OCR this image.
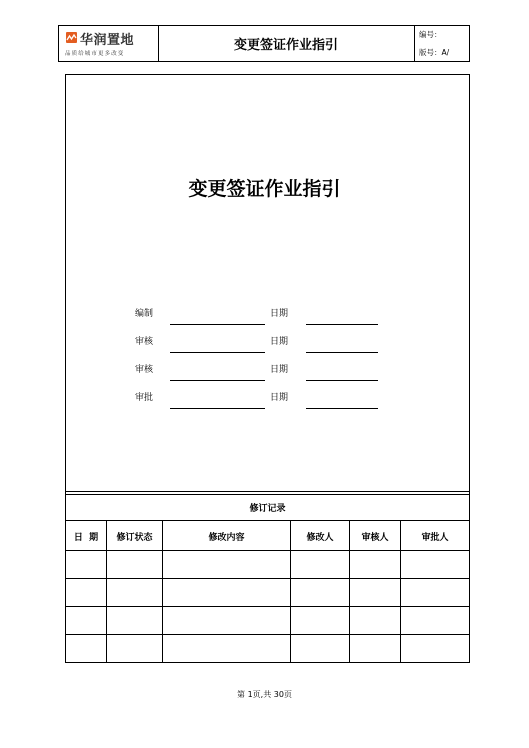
华润置地
品质给城市更多改变
变更签证作业指引
编号：
版号：A/
变更签证作业指引
编制	日期
审核	日期
审核	日期
审批	日期
修订记录
日  期	修订状态	修改内容	修改人	审核人	审批人
第 1页,共 30页
